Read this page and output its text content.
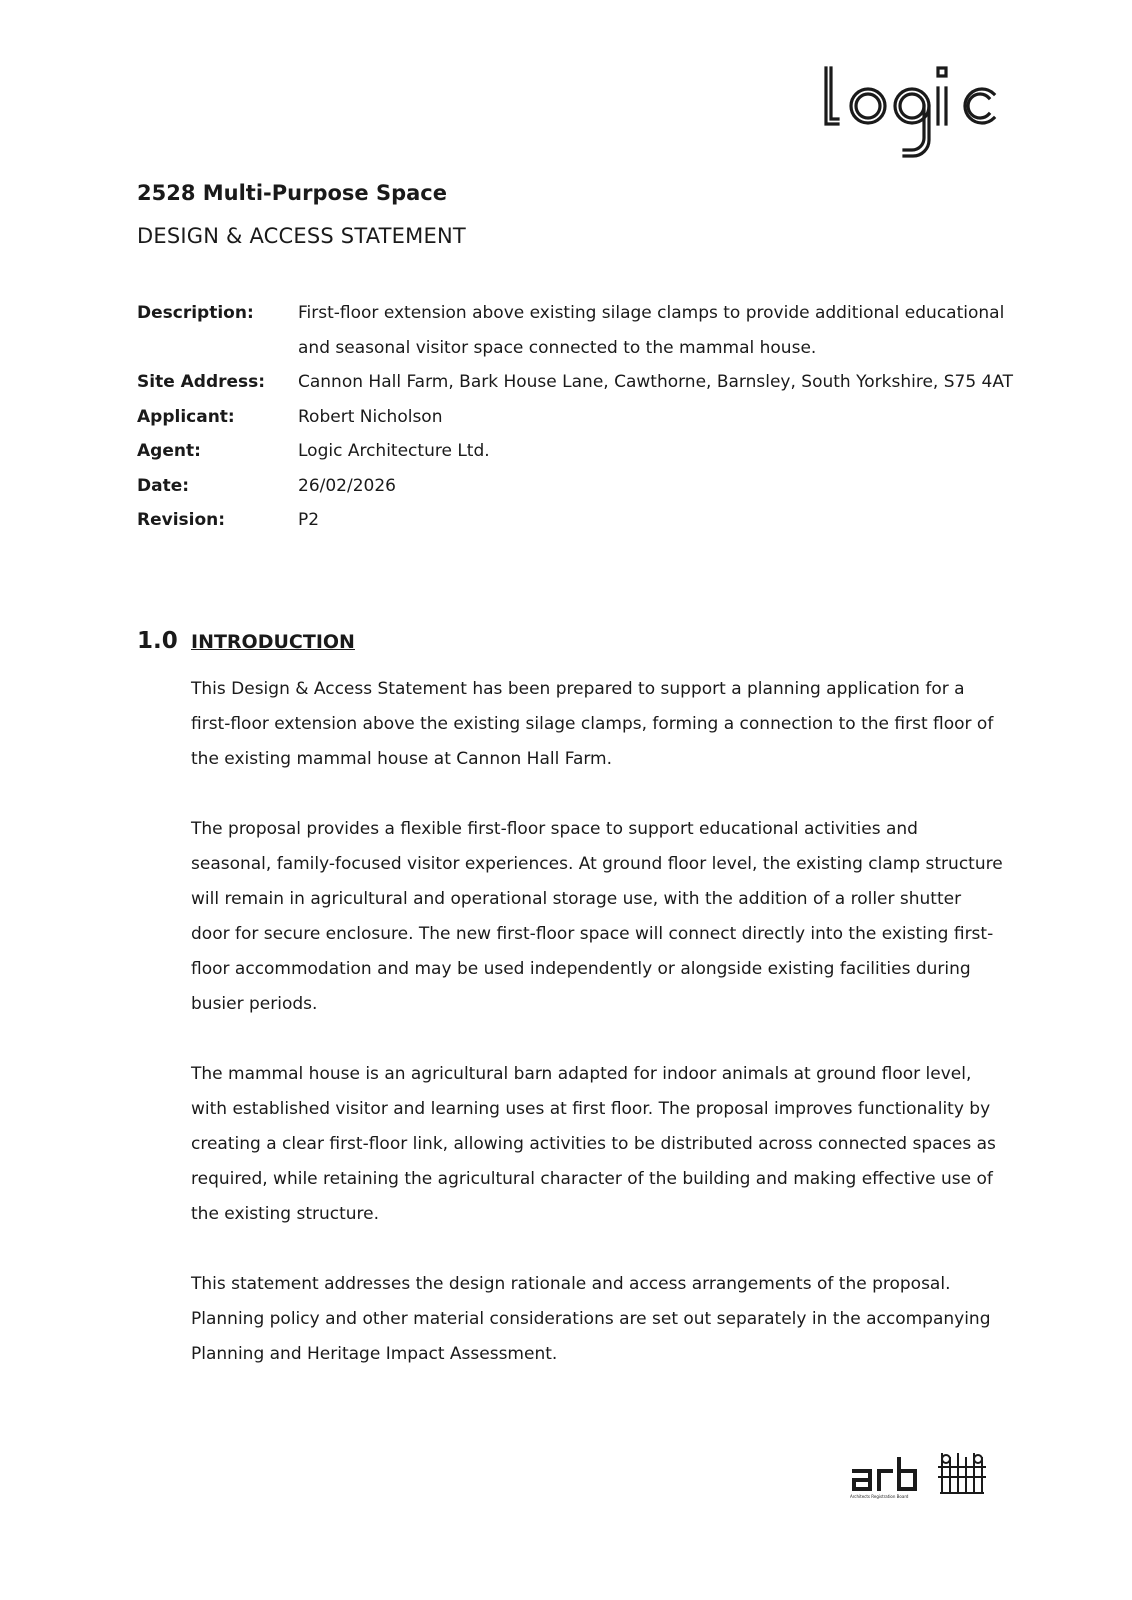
2528 Multi-Purpose Space
DESIGN & ACCESS STATEMENT
Description:	First-floor extension above existing silage clamps to provide additional educational and seasonal visitor space connected to the mammal house.
Site Address:	Cannon Hall Farm, Bark House Lane, Cawthorne, Barnsley, South Yorkshire, S75 4AT
Applicant:	Robert Nicholson
Agent:	Logic Architecture Ltd.
Date:	26/02/2026
Revision:	P2
1.0 INTRODUCTION

This Design & Access Statement has been prepared to support a planning application for a first-floor extension above the existing silage clamps, forming a connection to the first floor of the existing mammal house at Cannon Hall Farm.

The proposal provides a flexible first-floor space to support educational activities and seasonal, family-focused visitor experiences. At ground floor level, the existing clamp structure will remain in agricultural and operational storage use, with the addition of a roller shutter door for secure enclosure. The new first-floor space will connect directly into the existing first-floor accommodation and may be used independently or alongside existing facilities during busier periods.

The mammal house is an agricultural barn adapted for indoor animals at ground floor level, with established visitor and learning uses at first floor. The proposal improves functionality by creating a clear first-floor link, allowing activities to be distributed across connected spaces as required, while retaining the agricultural character of the building and making effective use of the existing structure.

This statement addresses the design rationale and access arrangements of the proposal. Planning policy and other material considerations are set out separately in the accompanying Planning and Heritage Impact Assessment.

Architects Registration Board
